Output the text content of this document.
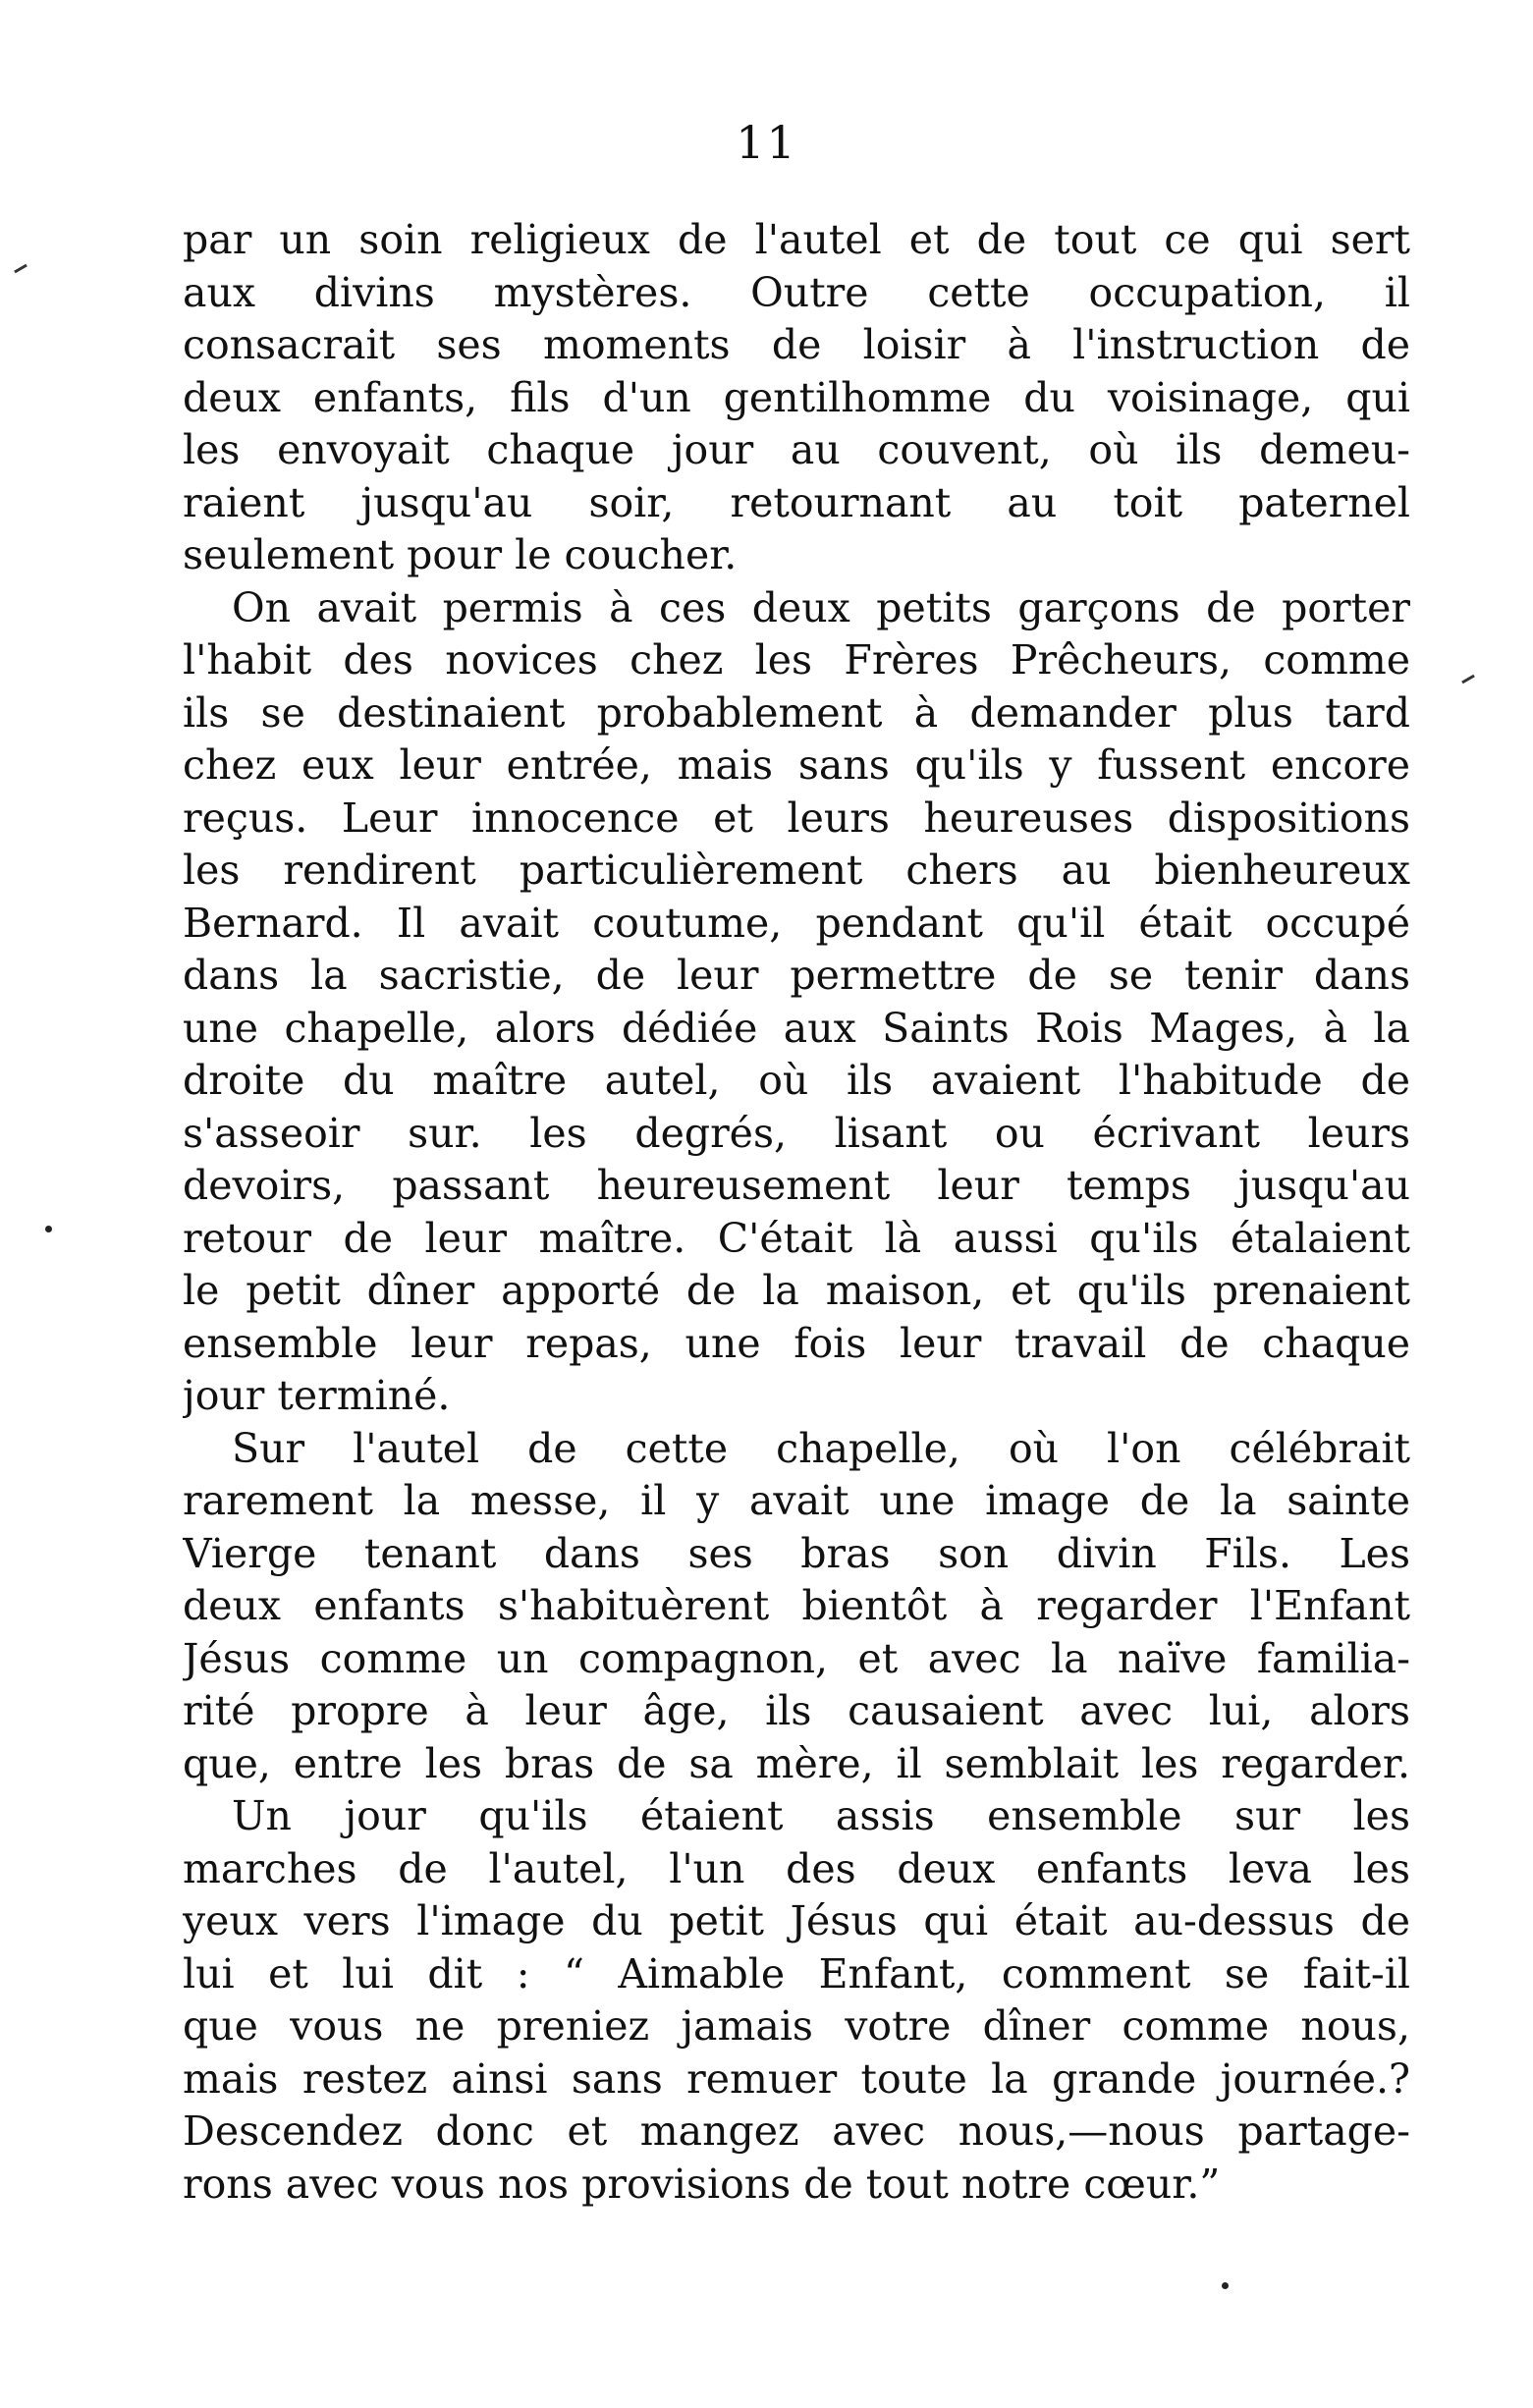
11
par un soin religieux de l'autel et de tout ce qui sert
aux divins mystères. Outre cette occupation, il
consacrait ses moments de loisir à l'instruction de
deux enfants, fils d'un gentilhomme du voisinage, qui
les envoyait chaque jour au couvent, où ils demeu-
raient jusqu'au soir, retournant au toit paternel
seulement pour le coucher.
On avait permis à ces deux petits garçons de porter
l'habit des novices chez les Frères Prêcheurs, comme
ils se destinaient probablement à demander plus tard
chez eux leur entrée, mais sans qu'ils y fussent encore
reçus. Leur innocence et leurs heureuses dispositions
les rendirent particulièrement chers au bienheureux
Bernard. Il avait coutume, pendant qu'il était occupé
dans la sacristie, de leur permettre de se tenir dans
une chapelle, alors dédiée aux Saints Rois Mages, à la
droite du maître autel, où ils avaient l'habitude de
s'asseoir sur. les degrés, lisant ou écrivant leurs
devoirs, passant heureusement leur temps jusqu'au
retour de leur maître. C'était là aussi qu'ils étalaient
le petit dîner apporté de la maison, et qu'ils prenaient
ensemble leur repas, une fois leur travail de chaque
jour terminé.
Sur l'autel de cette chapelle, où l'on célébrait
rarement la messe, il y avait une image de la sainte
Vierge tenant dans ses bras son divin Fils. Les
deux enfants s'habituèrent bientôt à regarder l'Enfant
Jésus comme un compagnon, et avec la naïve familia-
rité propre à leur âge, ils causaient avec lui, alors
que, entre les bras de sa mère, il semblait les regarder.
Un jour qu'ils étaient assis ensemble sur les
marches de l'autel, l'un des deux enfants leva les
yeux vers l'image du petit Jésus qui était au-dessus de
lui et lui dit : “ Aimable Enfant, comment se fait-il
que vous ne preniez jamais votre dîner comme nous,
mais restez ainsi sans remuer toute la grande journée.?
Descendez donc et mangez avec nous,—nous partage-
rons avec vous nos provisions de tout notre cœur.”
